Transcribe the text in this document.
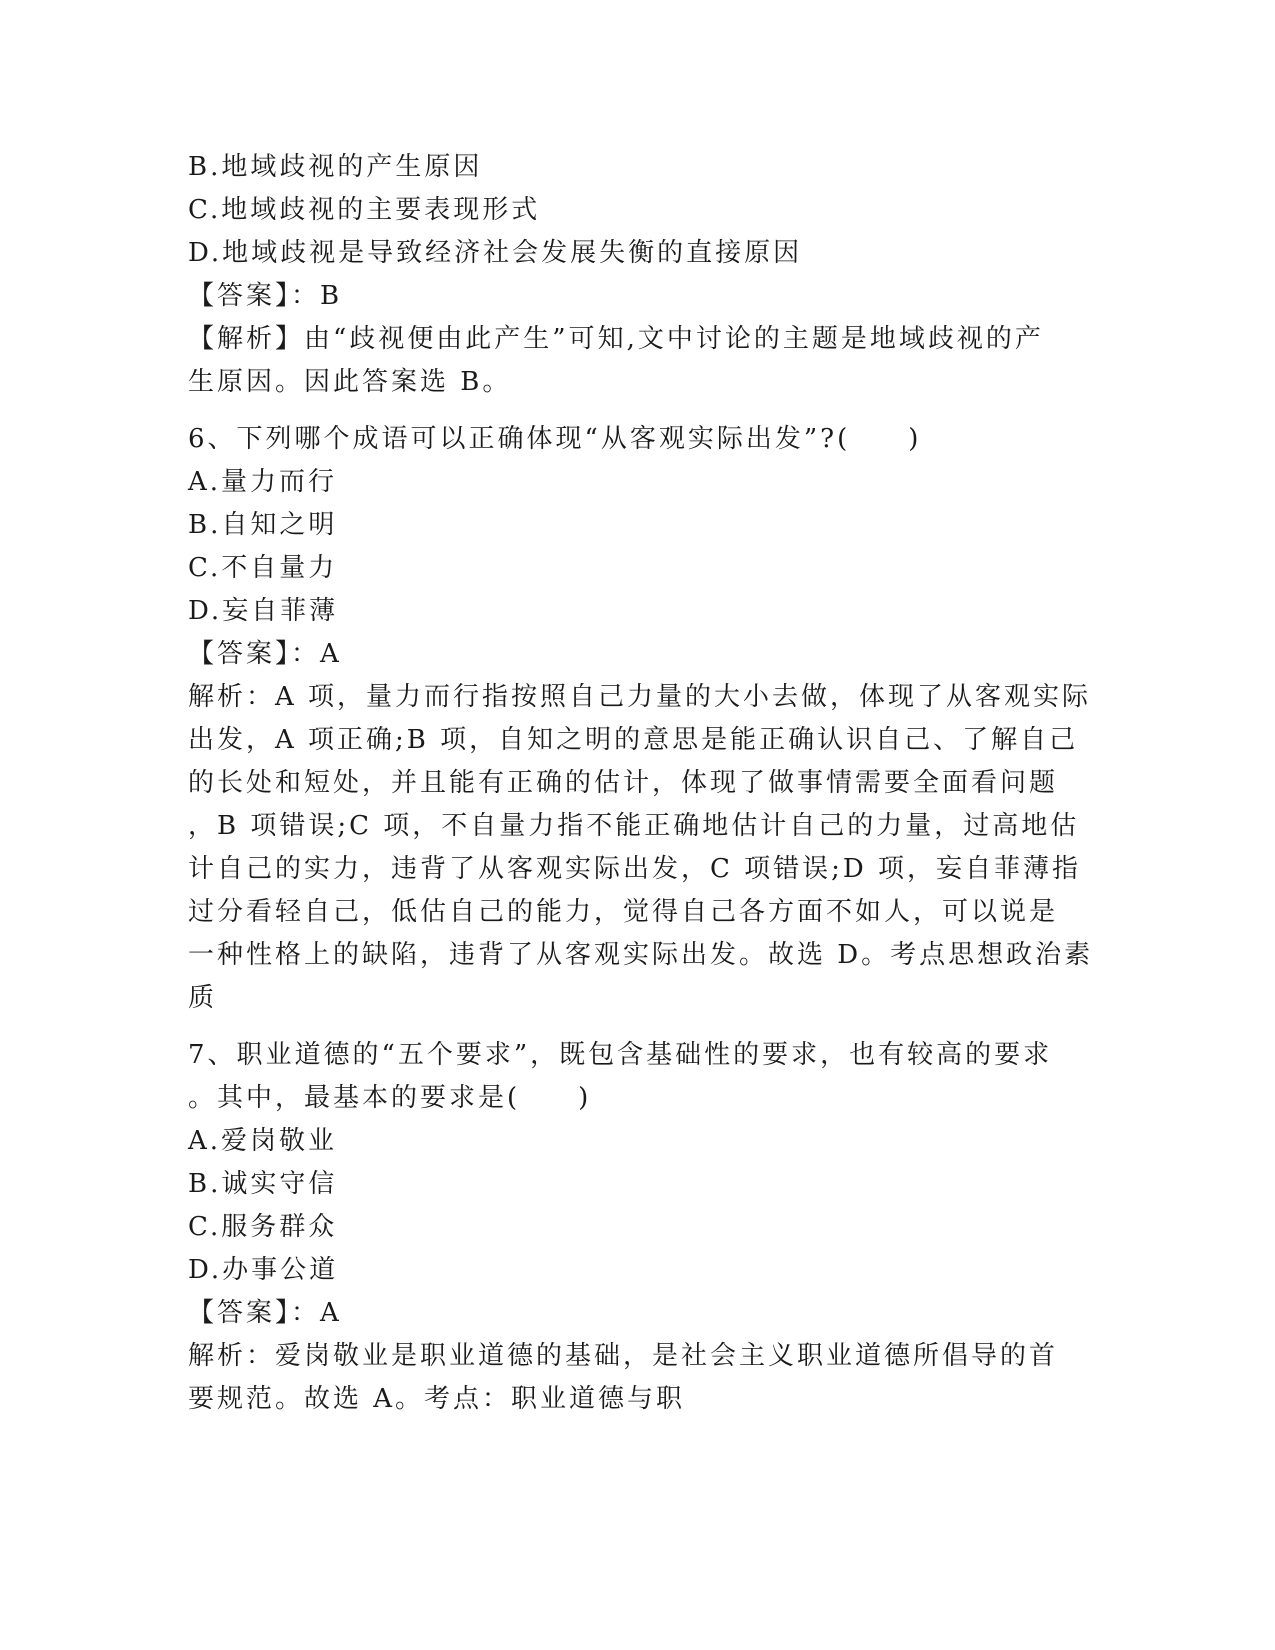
B.地域歧视的产生原因
C.地域歧视的主要表现形式
D.地域歧视是导致经济社会发展失衡的直接原因
【答案】：B
【解析】由“歧视便由此产生”可知,文中讨论的主题是地域歧视的产
生原因。因此答案选 B。
6、下列哪个成语可以正确体现“从客观实际出发”?(　　)
A.量力而行
B.自知之明
C.不自量力
D.妄自菲薄
【答案】：A
解析：A 项，量力而行指按照自己力量的大小去做，体现了从客观实际
出发，A 项正确;B 项，自知之明的意思是能正确认识自己、了解自己
的长处和短处，并且能有正确的估计，体现了做事情需要全面看问题
，B 项错误;C 项，不自量力指不能正确地估计自己的力量，过高地估
计自己的实力，违背了从客观实际出发，C 项错误;D 项，妄自菲薄指
过分看轻自己，低估自己的能力，觉得自己各方面不如人，可以说是
一种性格上的缺陷，违背了从客观实际出发。故选 D。考点思想政治素
质
7、职业道德的“五个要求”，既包含基础性的要求，也有较高的要求
。其中，最基本的要求是(　　)
A.爱岗敬业
B.诚实守信
C.服务群众
D.办事公道
【答案】：A
解析：爱岗敬业是职业道德的基础，是社会主义职业道德所倡导的首
要规范。故选 A。考点：职业道德与职
